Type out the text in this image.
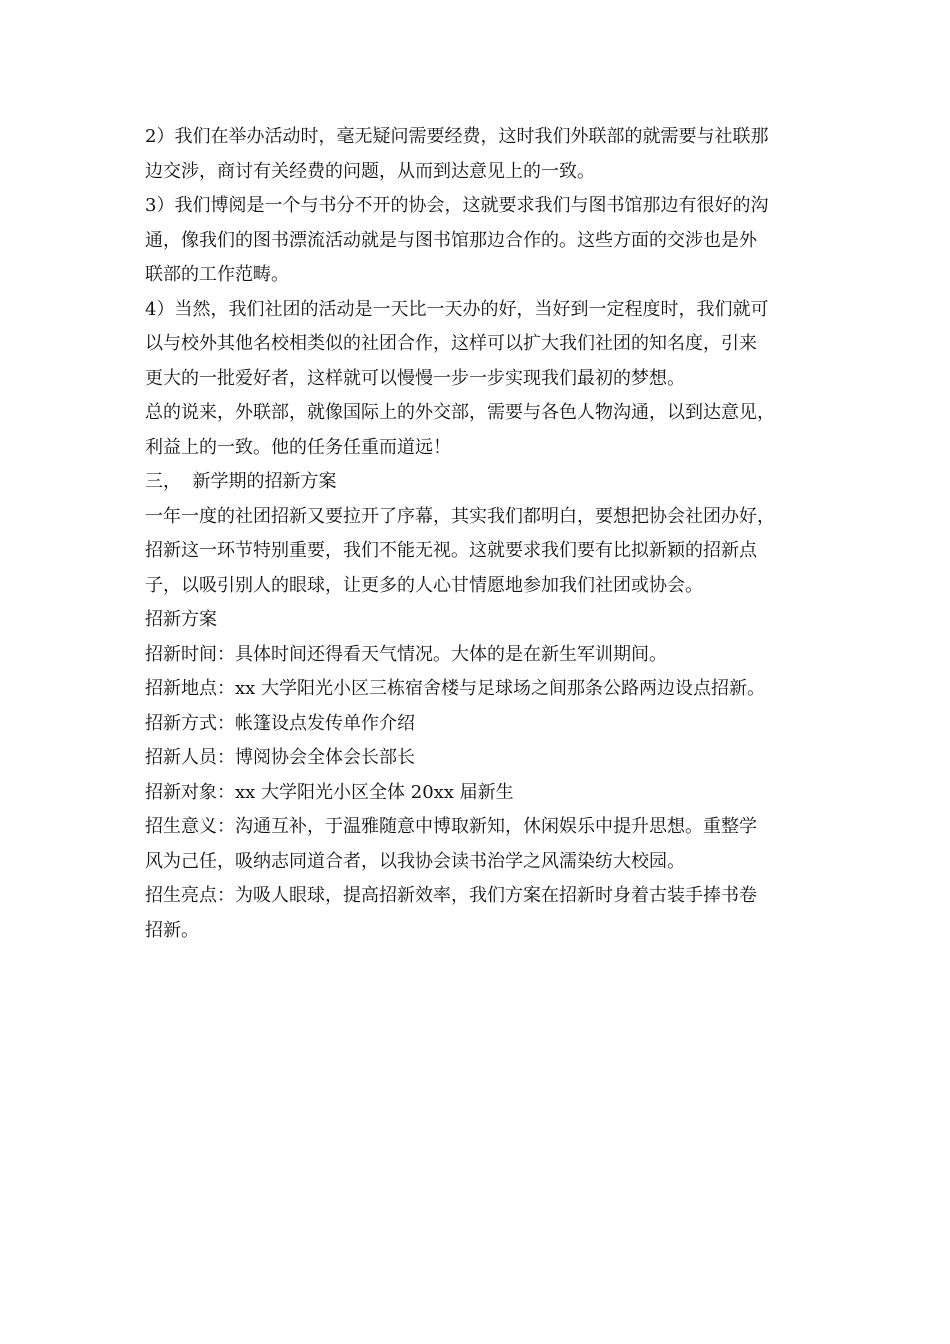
2）我们在举办活动时，毫无疑问需要经费，这时我们外联部的就需要与社联那
边交涉，商讨有关经费的问题，从而到达意见上的一致。
3）我们博阅是一个与书分不开的协会，这就要求我们与图书馆那边有很好的沟
通，像我们的图书漂流活动就是与图书馆那边合作的。这些方面的交涉也是外
联部的工作范畴。
4）当然，我们社团的活动是一天比一天办的好，当好到一定程度时，我们就可
以与校外其他名校相类似的社团合作，这样可以扩大我们社团的知名度，引来
更大的一批爱好者，这样就可以慢慢一步一步实现我们最初的梦想。
总的说来，外联部，就像国际上的外交部，需要与各色人物沟通，以到达意见，
利益上的一致。他的任务任重而道远！
三，  新学期的招新方案
一年一度的社团招新又要拉开了序幕，其实我们都明白，要想把协会社团办好，
招新这一环节特别重要，我们不能无视。这就要求我们要有比拟新颖的招新点
子，以吸引别人的眼球，让更多的人心甘情愿地参加我们社团或协会。
招新方案
招新时间：具体时间还得看天气情况。大体的是在新生军训期间。
招新地点：xx 大学阳光小区三栋宿舍楼与足球场之间那条公路两边设点招新。
招新方式：帐篷设点发传单作介绍
招新人员：博阅协会全体会长部长
招新对象：xx 大学阳光小区全体 20xx 届新生
招生意义：沟通互补，于温雅随意中博取新知，休闲娱乐中提升思想。重整学
风为己任，吸纳志同道合者，以我协会读书治学之风濡染纺大校园。
招生亮点：为吸人眼球，提高招新效率，我们方案在招新时身着古装手捧书卷
招新。
